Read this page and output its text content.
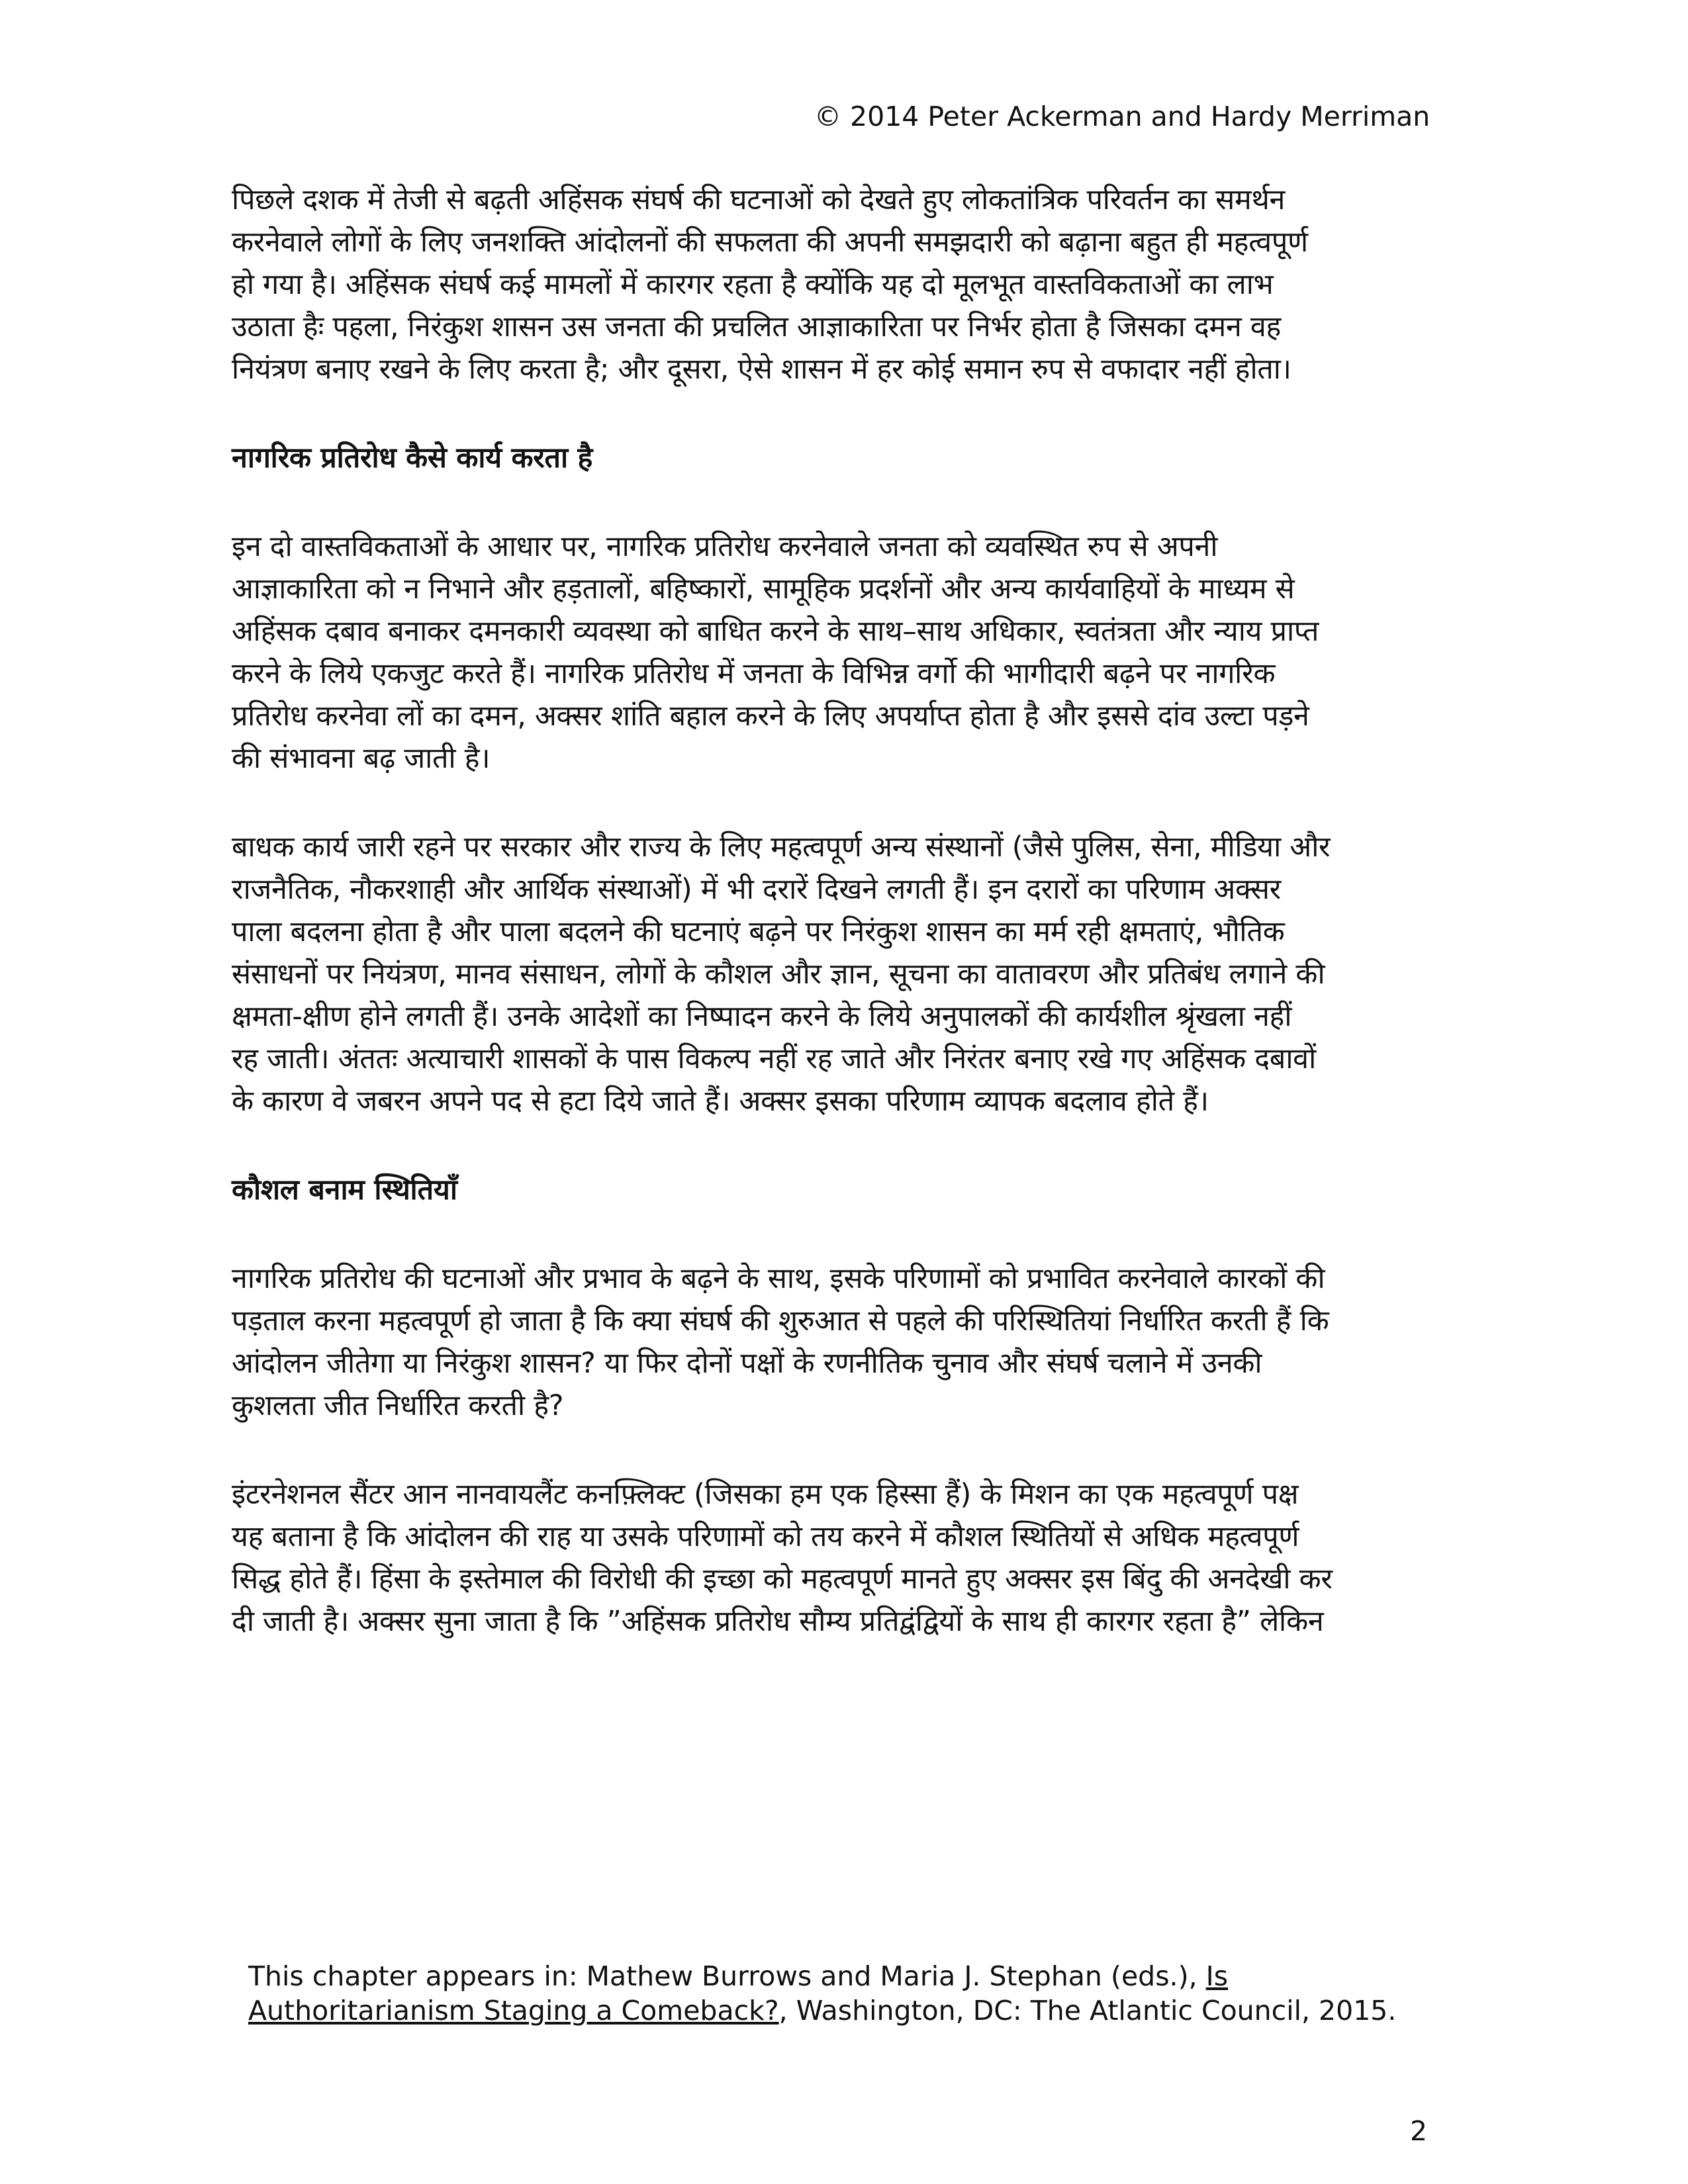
© 2014 Peter Ackerman and Hardy Merriman

पिछले दशक में तेजी से बढ़ती अहिंसक संघर्ष की घटनाओं को देखते हुए लोकतांत्रिक परिवर्तन का समर्थन
करनेवाले लोगों के लिए जनशक्ति आंदोलनों की सफलता की अपनी समझदारी को बढ़ाना बहुत ही महत्वपूर्ण
हो गया है। अहिंसक संघर्ष कई मामलों में कारगर रहता है क्योंकि यह दो मूलभूत वास्तविकताओं का लाभ
उठाता हैः पहला, निरंकुश शासन उस जनता की प्रचलित आज्ञाकारिता पर निर्भर होता है जिसका दमन वह
नियंत्रण बनाए रखने के लिए करता है; और दूसरा, ऐसे शासन में हर कोई समान रुप से वफादार नहीं होता।

नागरिक प्रतिरोध कैसे कार्य करता है

इन दो वास्तविकताओं के आधार पर, नागरिक प्रतिरोध करनेवाले जनता को व्यवस्थित रुप से अपनी
आज्ञाकारिता को न निभाने और हड़तालों, बहिष्कारों, सामूहिक प्रदर्शनों और अन्य कार्यवाहियों के माध्यम से
अहिंसक दबाव बनाकर दमनकारी व्यवस्था को बाधित करने के साथ–साथ अधिकार, स्वतंत्रता और न्याय प्राप्त
करने के लिये एकजुट करते हैं। नागरिक प्रतिरोध में जनता के विभिन्न वर्गो की भागीदारी बढ़ने पर नागरिक
प्रतिरोध करनेवा लों का दमन, अक्सर शांति बहाल करने के लिए अपर्याप्त होता है और इससे दांव उल्टा पड़ने
की संभावना बढ़ जाती है।

बाधक कार्य जारी रहने पर सरकार और राज्य के लिए महत्वपूर्ण अन्य संस्थानों (जैसे पुलिस, सेना, मीडिया और
राजनैतिक, नौकरशाही और आर्थिक संस्थाओं) में भी दरारें दिखने लगती हैं। इन दरारों का परिणाम अक्सर
पाला बदलना होता है और पाला बदलने की घटनाएं बढ़ने पर निरंकुश शासन का मर्म रही क्षमताएं, भौतिक
संसाधनों पर नियंत्रण, मानव संसाधन, लोगों के कौशल और ज्ञान, सूचना का वातावरण और प्रतिबंध लगाने की
क्षमता-क्षीण होने लगती हैं। उनके आदेशों का निष्पादन करने के लिये अनुपालकों की कार्यशील श्रृंखला नहीं
रह जाती। अंततः अत्याचारी शासकों के पास विकल्प नहीं रह जाते और निरंतर बनाए रखे गए अहिंसक दबावों
के कारण वे जबरन अपने पद से हटा दिये जाते हैं। अक्सर इसका परिणाम व्यापक बदलाव होते हैं।

कौशल बनाम स्थितियाँ

नागरिक प्रतिरोध की घटनाओं और प्रभाव के बढ़ने के साथ, इसके परिणामों को प्रभावित करनेवाले कारकों की
पड़ताल करना महत्वपूर्ण हो जाता है कि क्या संघर्ष की शुरुआत से पहले की परिस्थितियां निर्धारित करती हैं कि
आंदोलन जीतेगा या निरंकुश शासन? या फिर दोनों पक्षों के रणनीतिक चुनाव और संघर्ष चलाने में उनकी
कुशलता जीत निर्धारित करती है?

इंटरनेशनल सैंटर आन नानवायलैंट कनफ़्लिक्ट (जिसका हम एक हिस्सा हैं) के मिशन का एक महत्वपूर्ण पक्ष
यह बताना है कि आंदोलन की राह या उसके परिणामों को तय करने में कौशल स्थितियों से अधिक महत्वपूर्ण
सिद्ध होते हैं। हिंसा के इस्तेमाल की विरोधी की इच्छा को महत्वपूर्ण मानते हुए अक्सर इस बिंदु की अनदेखी कर
दी जाती है। अक्सर सुना जाता है कि ”अहिंसक प्रतिरोध सौम्य प्रतिद्वंद्वियों के साथ ही कारगर रहता है” लेकिन

This chapter appears in: Mathew Burrows and Maria J. Stephan (eds.), Is
Authoritarianism Staging a Comeback?, Washington, DC: The Atlantic Council, 2015.
2
